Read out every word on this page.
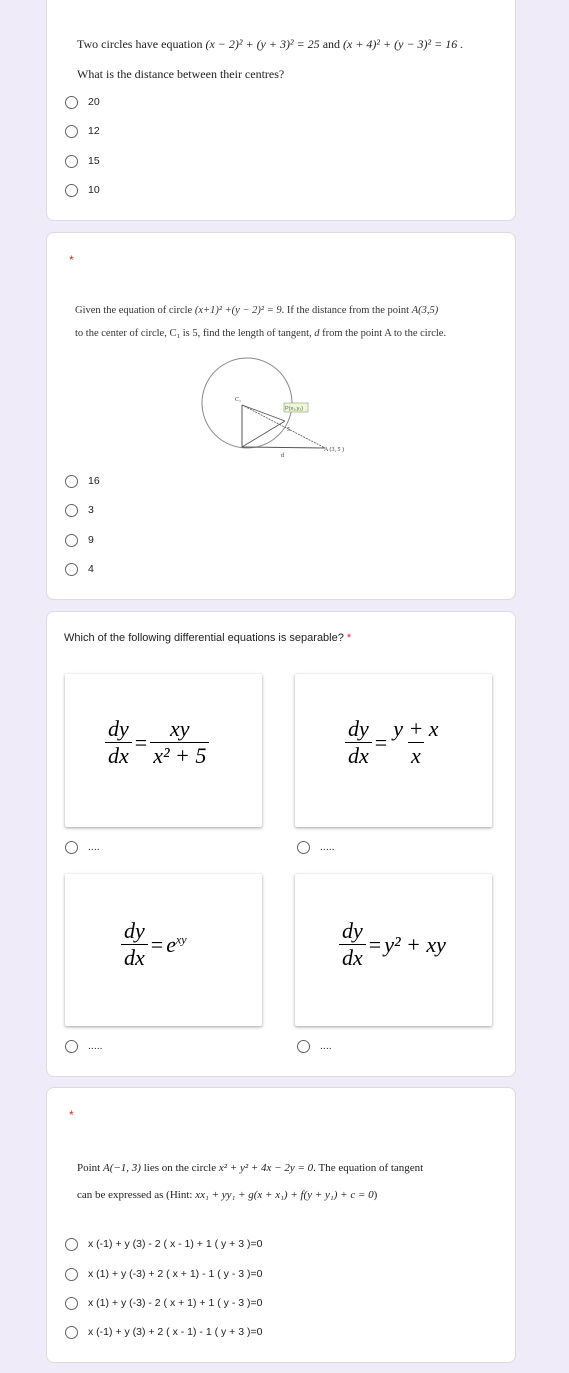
Two circles have equation (x − 2)² + (y + 3)² = 25 and (x + 4)² + (y − 3)² = 16 .
What is the distance between their centres?
20
12
15
10
*
Given the equation of circle (x+1)² +(y − 2)² = 9. If the distance from the point A(3,5)
to the center of circle, C₁ is 5, find the length of tangent, d from the point A to the circle.
P(x₁,y₁)
C₁
5
A (3, 5 )
d
16
3
9
4
Which of the following differential equations is separable? *
$\frac{dy}{dx} = \frac{xy}{\text{x² + 5}}$
....
$\frac{dy}{dx} = \frac{y + x}{x}$
.....
$\frac{dy}{dx} = e^{xy}$
.....
$\frac{dy}{dx} = y^2$ + xy
....
*
Point A(−1, 3) lies on the circle x² + y² + 4x − 2y = 0. The equation of tangent
can be expressed as (Hint: xx₁ + yy₁ + g(x + x₁) + f(y + y₁) + c = 0)
x (-1) + y (3) - 2 ( x - 1) + 1 ( y + 3 )=0
x (1) + y (-3) + 2 ( x + 1) - 1 ( y - 3 )=0
x (1) + y (-3) - 2 ( x + 1) + 1 ( y - 3 )=0
x (-1) + y (3) + 2 ( x - 1) - 1 ( y + 3 )=0
